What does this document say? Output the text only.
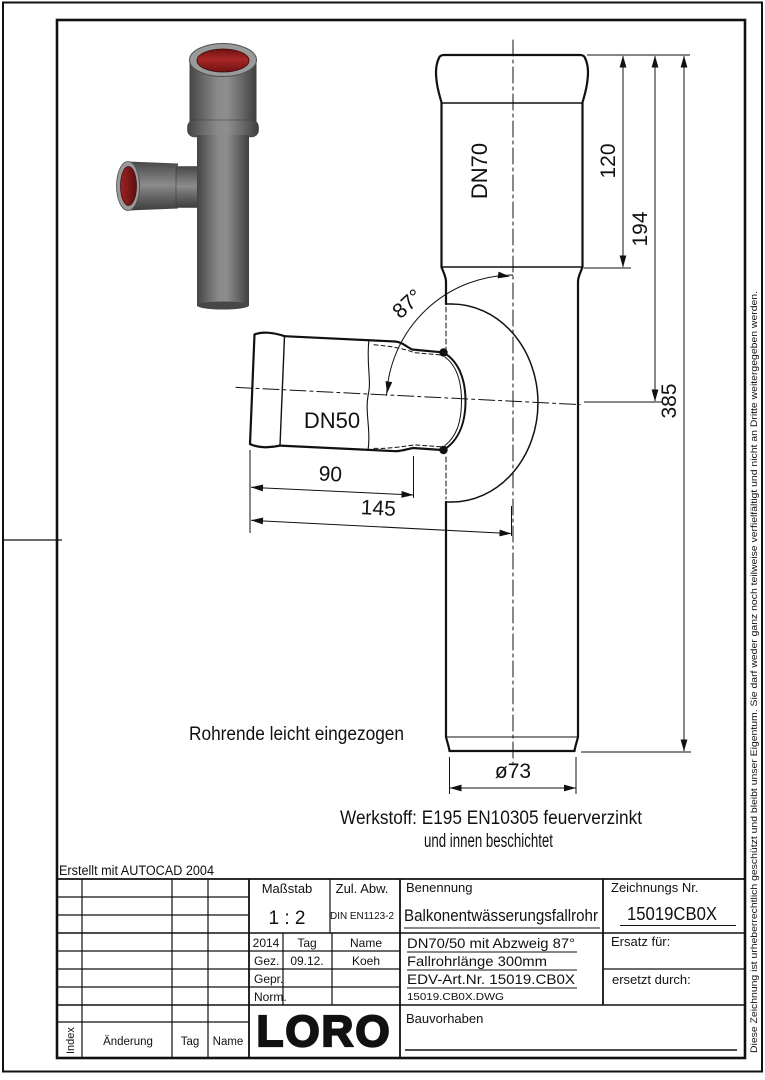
DN70
DN50
120
194
385
90
145
ø73
87°
Rohrende leicht eingezogen
Werkstoff: E195 EN10305 feuerverzinkt
und innen beschichtet
Erstellt mit AUTOCAD 2004
Maßstab
1 : 2
Zul. Abw.
DIN EN1123-2
Benennung
Balkonentwässerungsfallrohr
Zeichnungs Nr.
15019CB0X
2014 Tag	Name
Gez. 09.12. Koeh
Gepr.
Norm.
DN70/50 mit Abzweig 87°
Fallrohrlänge 300mm
EDV-Art.Nr. 15019.CB0X
15019.CB0X.DWG
Ersatz für:
ersetzt durch:
Bauvorhaben
LORO
Index Änderung Tag Name	Diese Zeichnung ist urheberrechtlich geschützt und bleibt unser Eigentum. Sie darf weder ganz noch teilweise verfielfältigt und nicht an Dritte weitergegeben werden.
